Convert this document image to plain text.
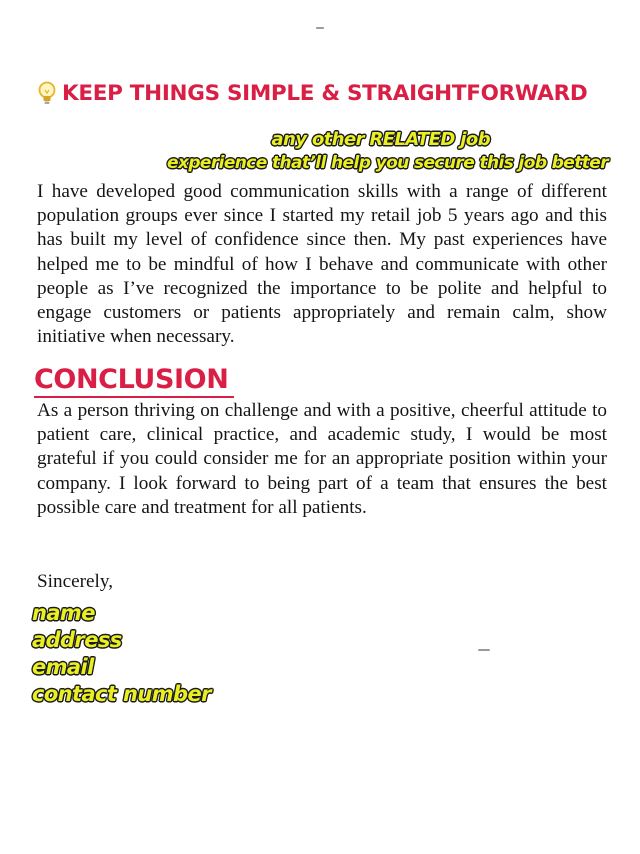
KEEP THINGS SIMPLE & STRAIGHTFORWARD
any other RELATED job
experience that’ll help you secure this job better

I have developed good communication skills with a range of different population groups ever since I started my retail job 5 years ago and this has built my level of confidence since then. My past experiences have helped me to be mindful of how I behave and communicate with other people as I’ve recognized the importance to be polite and helpful to engage customers or patients appropriately and remain calm, show initiative when necessary.

CONCLUSION

As a person thriving on challenge and with a positive, cheerful attitude to patient care, clinical practice, and academic study, I would be most grateful if you could consider me for an appropriate position within your company. I look forward to being part of a team that ensures the best possible care and treatment for all patients.

Sincerely,
name
address
email
contact number
